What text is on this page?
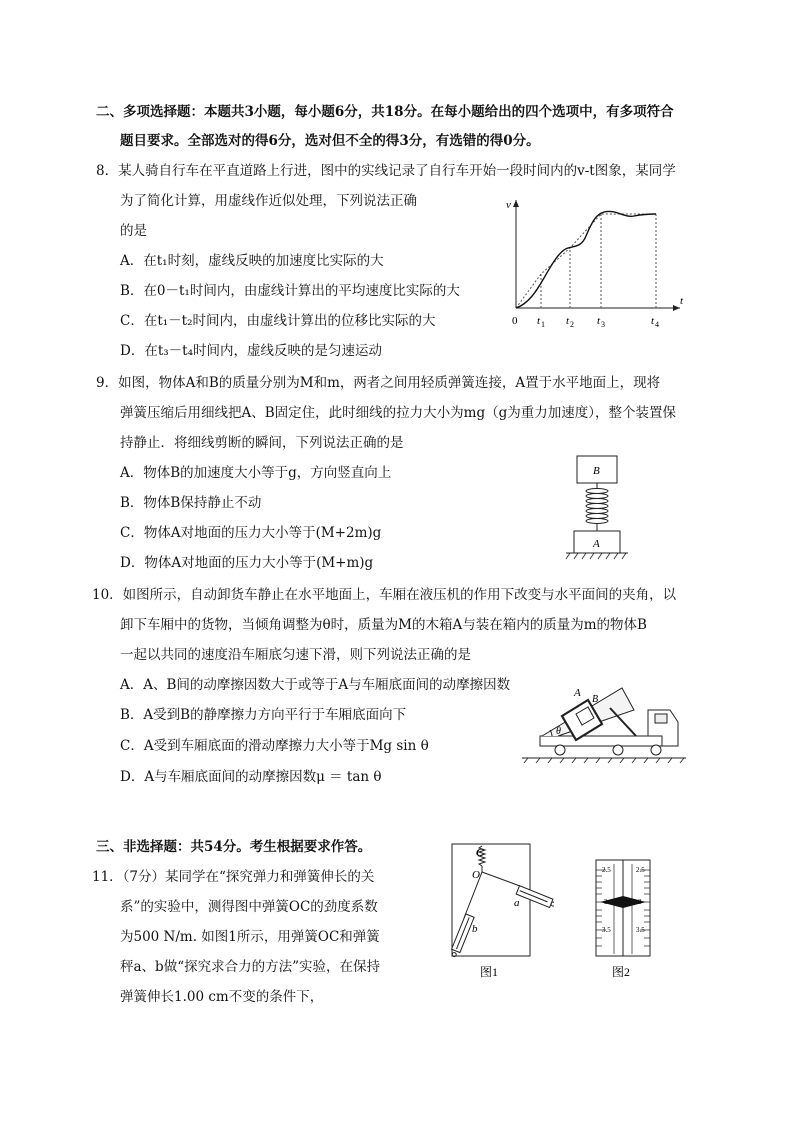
二、多项选择题：本题共3小题，每小题6分，共18分。在每小题给出的四个选项中，有多项符合
题目要求。全部选对的得6分，选对但不全的得3分，有选错的得0分。
8．某人骑自行车在平直道路上行进，图中的实线记录了自行车开始一段时间内的v-t图象，某同学
为了简化计算，用虚线作近似处理，下列说法正确
的是
A．在t₁时刻，虚线反映的加速度比实际的大
B．在0－t₁时间内，由虚线计算出的平均速度比实际的大
C．在t₁－t₂时间内，由虚线计算出的位移比实际的大
D．在t₃－t₄时间内，虚线反映的是匀速运动
v
t
0 t 1 t 2 t 3	t 4
9．如图，物体A和B的质量分别为M和m，两者之间用轻质弹簧连接，A置于水平地面上，现将
弹簧压缩后用细线把A、B固定住，此时细线的拉力大小为mg（g为重力加速度），整个装置保
持静止．将细线剪断的瞬间，下列说法正确的是
A．物体B的加速度大小等于g，方向竖直向上
B．物体B保持静止不动
C．物体A对地面的压力大小等于(M+2m)g
D．物体A对地面的压力大小等于(M+m)g
B
A
10．如图所示，自动卸货车静止在水平地面上，车厢在液压机的作用下改变与水平面间的夹角，以
卸下车厢中的货物，当倾角调整为θ时，质量为M的木箱A与装在箱内的质量为m的物体B
一起以共同的速度沿车厢底匀速下滑，则下列说法正确的是
A．A、B间的动摩擦因数大于或等于A与车厢底面间的动摩擦因数
B．A受到B的静摩擦力方向平行于车厢底面向下
C．A受到车厢底面的滑动摩擦力大小等于Mg sin θ
D．A与车厢底面间的动摩擦因数μ ＝ tan θ
A
B
θ
三、非选择题：共54分。考生根据要求作答。
11．（7分）某同学在“探究弹力和弹簧伸长的关
系”的实验中，测得图中弹簧OC的劲度系数
为500 N/m. 如图1所示，用弹簧OC和弹簧
秤a、b做“探究求合力的方法”实验，在保持
弹簧伸长1.00 cm不变的条件下，
C
O
a
b
图1
2.5	2.5
3	3
3.5	3.5
图2
